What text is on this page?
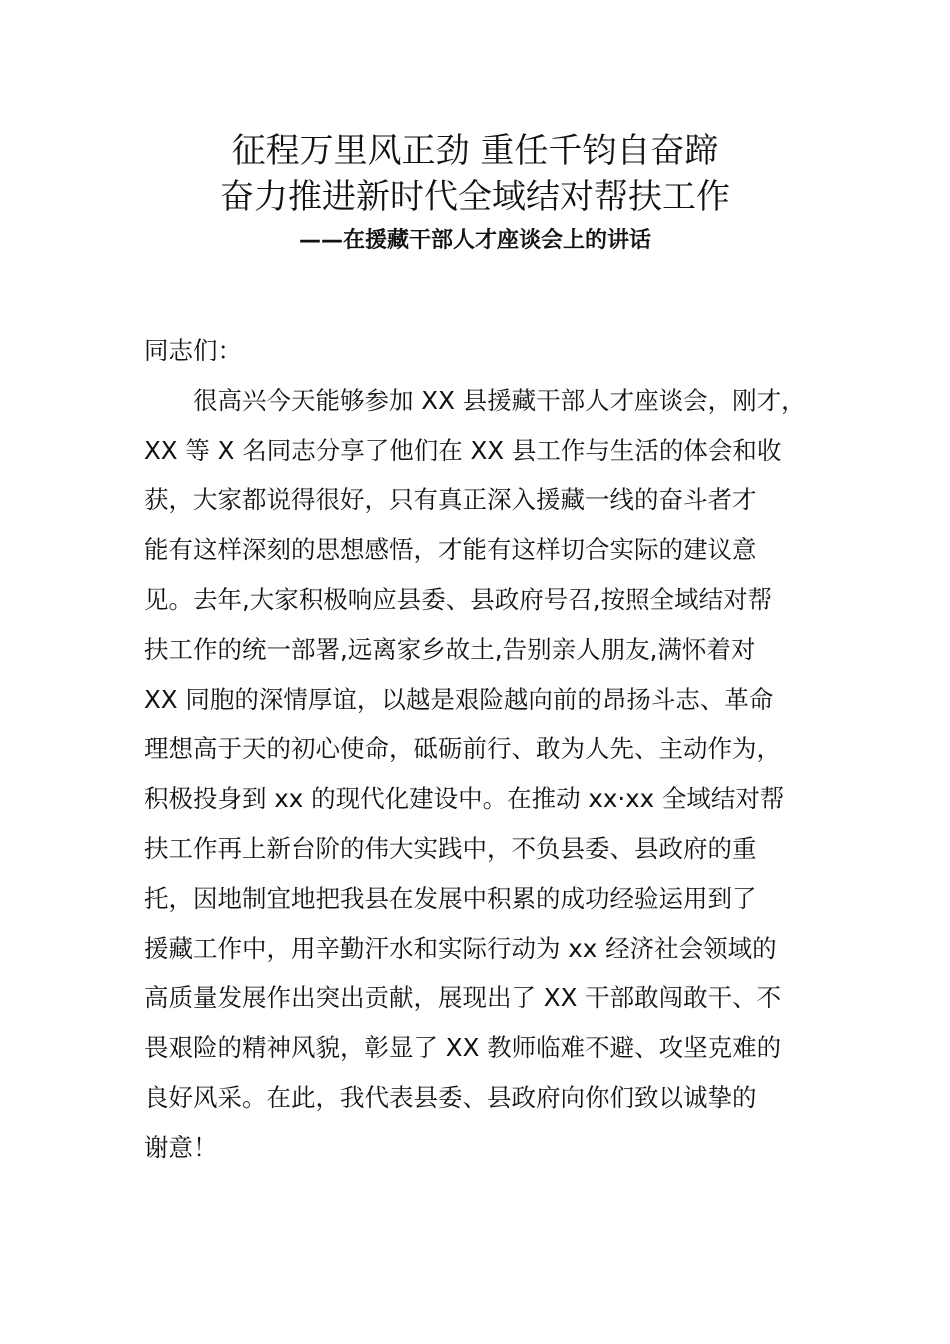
征程万里风正劲 重任千钧自奋蹄
奋力推进新时代全域结对帮扶工作
——在援藏干部人才座谈会上的讲话

同志们：

很高兴今天能够参加 XX 县援藏干部人才座谈会，刚才，
XX 等 X 名同志分享了他们在 XX 县工作与生活的体会和收
获，大家都说得很好，只有真正深入援藏一线的奋斗者才
能有这样深刻的思想感悟，才能有这样切合实际的建议意
见。去年,大家积极响应县委、县政府号召,按照全域结对帮
扶工作的统一部署,远离家乡故土,告别亲人朋友,满怀着对
XX 同胞的深情厚谊，以越是艰险越向前的昂扬斗志、革命
理想高于天的初心使命，砥砺前行、敢为人先、主动作为，
积极投身到 xx 的现代化建设中。在推动 xx·xx 全域结对帮
扶工作再上新台阶的伟大实践中，不负县委、县政府的重
托，因地制宜地把我县在发展中积累的成功经验运用到了
援藏工作中，用辛勤汗水和实际行动为 xx 经济社会领域的
高质量发展作出突出贡献，展现出了 XX 干部敢闯敢干、不
畏艰险的精神风貌，彰显了 XX 教师临难不避、攻坚克难的
良好风采。在此，我代表县委、县政府向你们致以诚挚的
谢意！
